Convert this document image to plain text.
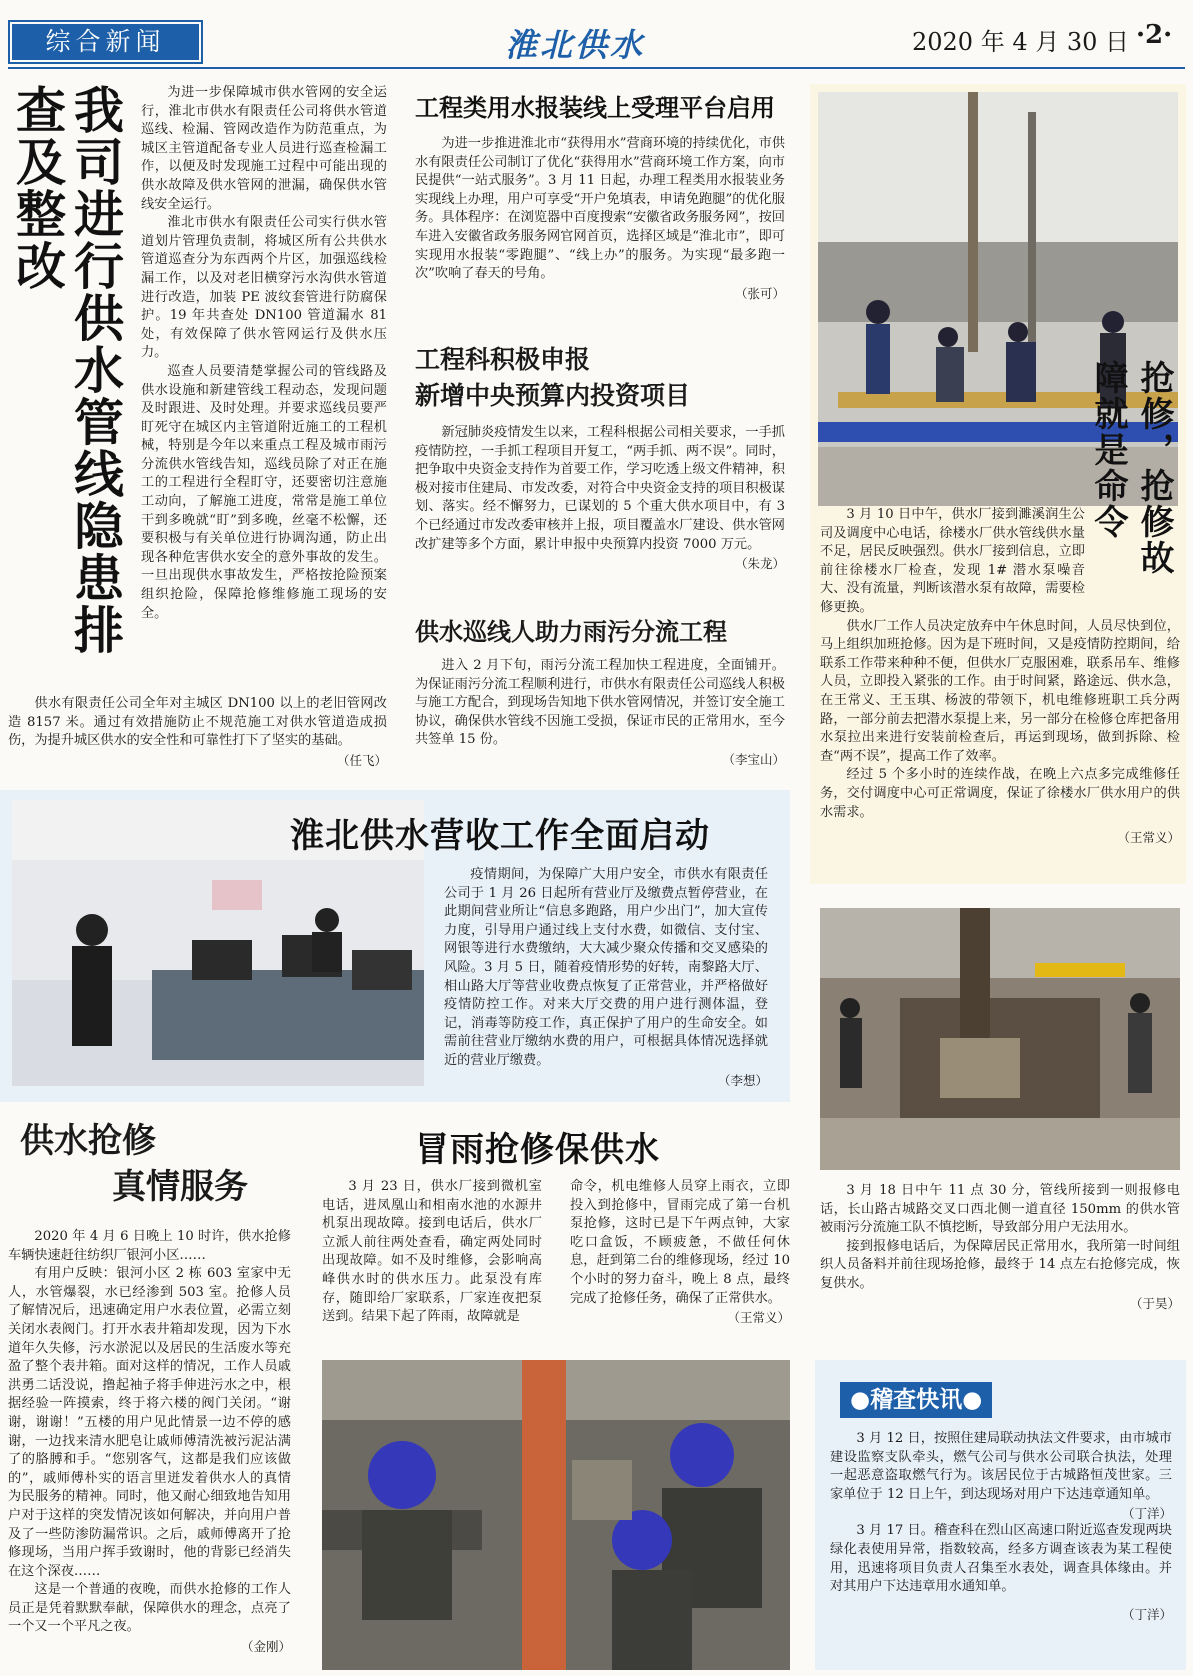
综合新闻	淮北供水	2020 年 4 月 30 日 ·2·
我司进行供水管线隐患排查及整改	为进一步保障城市供水管网的安全运行，淮北市供水有限责任公司将供水管道巡线、检漏、管网改造作为防范重点，为城区主管道配备专业人员进行巡查检漏工作，以便及时发现施工过程中可能出现的供水故障及供水管网的泄漏，确保供水管线安全运行。

淮北市供水有限责任公司实行供水管道划片管理负责制，将城区所有公共供水管道巡查分为东西两个片区，加强巡线检漏工作，以及对老旧横穿污水沟供水管道进行改造，加装 PE 波纹套管进行防腐保护。19 年共查处 DN100 管道漏水 81 处，有效保障了供水管网运行及供水压力。

巡查人员要清楚掌握公司的管线路及供水设施和新建管线工程动态，发现问题及时跟进、及时处理。并要求巡线员要严盯死守在城区内主管道附近施工的工程机械，特别是今年以来重点工程及城市雨污分流供水管线告知，巡线员除了对正在施工的工程进行全程盯守，还要密切注意施工动向，了解施工进度，常常是施工单位干到多晚就“盯”到多晚，丝毫不松懈，还要积极与有关单位进行协调沟通，防止出现各种危害供水安全的意外事故的发生。一旦出现供水事故发生，严格按抢险预案组织抢险，保障抢修维修施工现场的安全。

供水有限责任公司全年对主城区 DN100 以上的老旧管网改造 8157 米。通过有效措施防止不规范施工对供水管道造成损伤，为提升城区供水的安全性和可靠性打下了坚实的基础。

（任飞）

工程类用水报装线上受理平台启用

为进一步推进淮北市“获得用水”营商环境的持续优化，市供水有限责任公司制订了优化“获得用水”营商环境工作方案，向市民提供“一站式服务”。3 月 11 日起，办理工程类用水报装业务实现线上办理，用户可享受“开户免填表，申请免跑腿”的优化服务。具体程序：在浏览器中百度搜索“安徽省政务服务网”，按回车进入安徽省政务服务网官网首页，选择区域是“淮北市”，即可实现用水报装“零跑腿”、“线上办”的服务。为实现“最多跑一次”吹响了春天的号角。

（张可）

工程科积极申报
新增中央预算内投资项目

新冠肺炎疫情发生以来，工程科根据公司相关要求，一手抓疫情防控，一手抓工程项目开复工，“两手抓、两不误”。同时，把争取中央资金支持作为首要工作，学习吃透上级文件精神，积极对接市住建局、市发改委，对符合中央资金支持的项目积极谋划、落实。经不懈努力，已谋划的 5 个重大供水项目中，有 3 个已经通过市发改委审核并上报，项目覆盖水厂建设、供水管网改扩建等多个方面，累计申报中央预算内投资 7000 万元。

（朱龙）

供水巡线人助力雨污分流工程

进入 2 月下旬，雨污分流工程加快工程进度，全面铺开。为保证雨污分流工程顺利进行，市供水有限责任公司巡线人积极与施工方配合，到现场告知地下供水管网情况，并签订安全施工协议，确保供水管线不因施工受损，保证市民的正常用水，至今共签单 15 份。

（李宝山）

抢修，抢修故障就是命令

3 月 10 日中午，供水厂接到濉溪润生公司及调度中心电话，徐楼水厂供水管线供水量不足，居民反映强烈。供水厂接到信息，立即前往徐楼水厂检查，发现 1# 潜水泵噪音大、没有流量，判断该潜水泵有故障，需要检修更换。

供水厂工作人员决定放弃中午休息时间，人员尽快到位，马上组织加班抢修。因为是下班时间，又是疫情防控期间，给联系工作带来种种不便，但供水厂克服困难，联系吊车、维修人员，立即投入紧张的工作。由于时间紧，路途远、供水急，在王常义、王玉琪、杨波的带领下，机电维修班职工兵分两路，一部分前去把潜水泵提上来，另一部分在检修仓库把备用水泵拉出来进行安装前检查后，再运到现场，做到拆除、检查“两不误”，提高工作了效率。

经过 5 个多小时的连续作战，在晚上六点多完成维修任务，交付调度中心可正常调度，保证了徐楼水厂供水用户的供水需求。

（王常义）

淮北供水营收工作全面启动

疫情期间，为保障广大用户安全，市供水有限责任公司于 1 月 26 日起所有营业厅及缴费点暂停营业，在此期间营业所让“信息多跑路，用户少出门”，加大宣传力度，引导用户通过线上支付水费，如微信、支付宝、网银等进行水费缴纳，大大减少聚众传播和交叉感染的风险。3 月 5 日，随着疫情形势的好转，南黎路大厅、相山路大厅等营业收费点恢复了正常营业，并严格做好疫情防控工作。对来大厅交费的用户进行测体温，登记，消毒等防疫工作，真正保护了用户的生命安全。如需前往营业厅缴纳水费的用户，可根据具体情况选择就近的营业厅缴费。

（李想）

3 月 18 日中午 11 点 30 分，管线所接到一则报修电话，长山路古城路交叉口西北侧一道直径 150mm 的供水管被雨污分流施工队不慎挖断，导致部分用户无法用水。

接到报修电话后，为保障居民正常用水，我所第一时间组织人员备料并前往现场抢修，最终于 14 点左右抢修完成，恢复供水。

（于昊）

供水抢修
真情服务

2020 年 4 月 6 日晚上 10 时许，供水抢修车辆快速赶往纺织厂银河小区……

有用户反映：银河小区 2 栋 603 室家中无人，水管爆裂，水已经渗到 503 室。抢修人员了解情况后，迅速确定用户水表位置，必需立刻关闭水表阀门。打开水表井箱却发现，因为下水道年久失修，污水淤泥以及居民的生活废水等充盈了整个表井箱。面对这样的情况，工作人员戚洪勇二话没说，撸起袖子将手伸进污水之中，根据经验一阵摸索，终于将六楼的阀门关闭。“谢谢，谢谢！”五楼的用户见此情景一边不停的感谢，一边找来清水肥皂让戚师傅清洗被污泥沾满了的胳膊和手。“您别客气，这都是我们应该做的”，戚师傅朴实的语言里迸发着供水人的真情为民服务的精神。同时，他又耐心细致地告知用户对于这样的突发情况该如何解决，并向用户普及了一些防渗防漏常识。之后，戚师傅离开了抢修现场，当用户挥手致谢时，他的背影已经消失在这个深夜……

这是一个普通的夜晚，而供水抢修的工作人员正是凭着默默奉献，保障供水的理念，点亮了一个又一个平凡之夜。

（金刚）

冒雨抢修保供水

3 月 23 日，供水厂接到微机室电话，进凤凰山和相南水池的水源井机泵出现故障。接到电话后，供水厂立派人前往两处查看，确定两处同时出现故障。如不及时维修，会影响高峰供水时的供水压力。此泵没有库存，随即给厂家联系，厂家连夜把泵送到。结果下起了阵雨，故障就是

命令，机电维修人员穿上雨衣，立即投入到抢修中，冒雨完成了第一台机泵抢修，这时已是下午两点钟，大家吃口盒饭，不顾疲惫，不做任何休息，赶到第二台的维修现场，经过 10 个小时的努力奋斗，晚上 8 点，最终完成了抢修任务，确保了正常供水。

（王常义）

●稽查快讯●

3 月 12 日，按照住建局联动执法文件要求，由市城市建设监察支队牵头，燃气公司与供水公司联合执法，处理一起恶意盗取燃气行为。该居民位于古城路恒茂世家。三家单位于 12 日上午，到达现场对用户下达违章通知单。

（丁洋）

3 月 17 日。稽查科在烈山区高速口附近巡查发现两块绿化表使用异常，指数较高，经多方调查该表为某工程使用，迅速将项目负责人召集至水表处，调查具体缘由。并对其用户下达违章用水通知单。

（丁洋）
